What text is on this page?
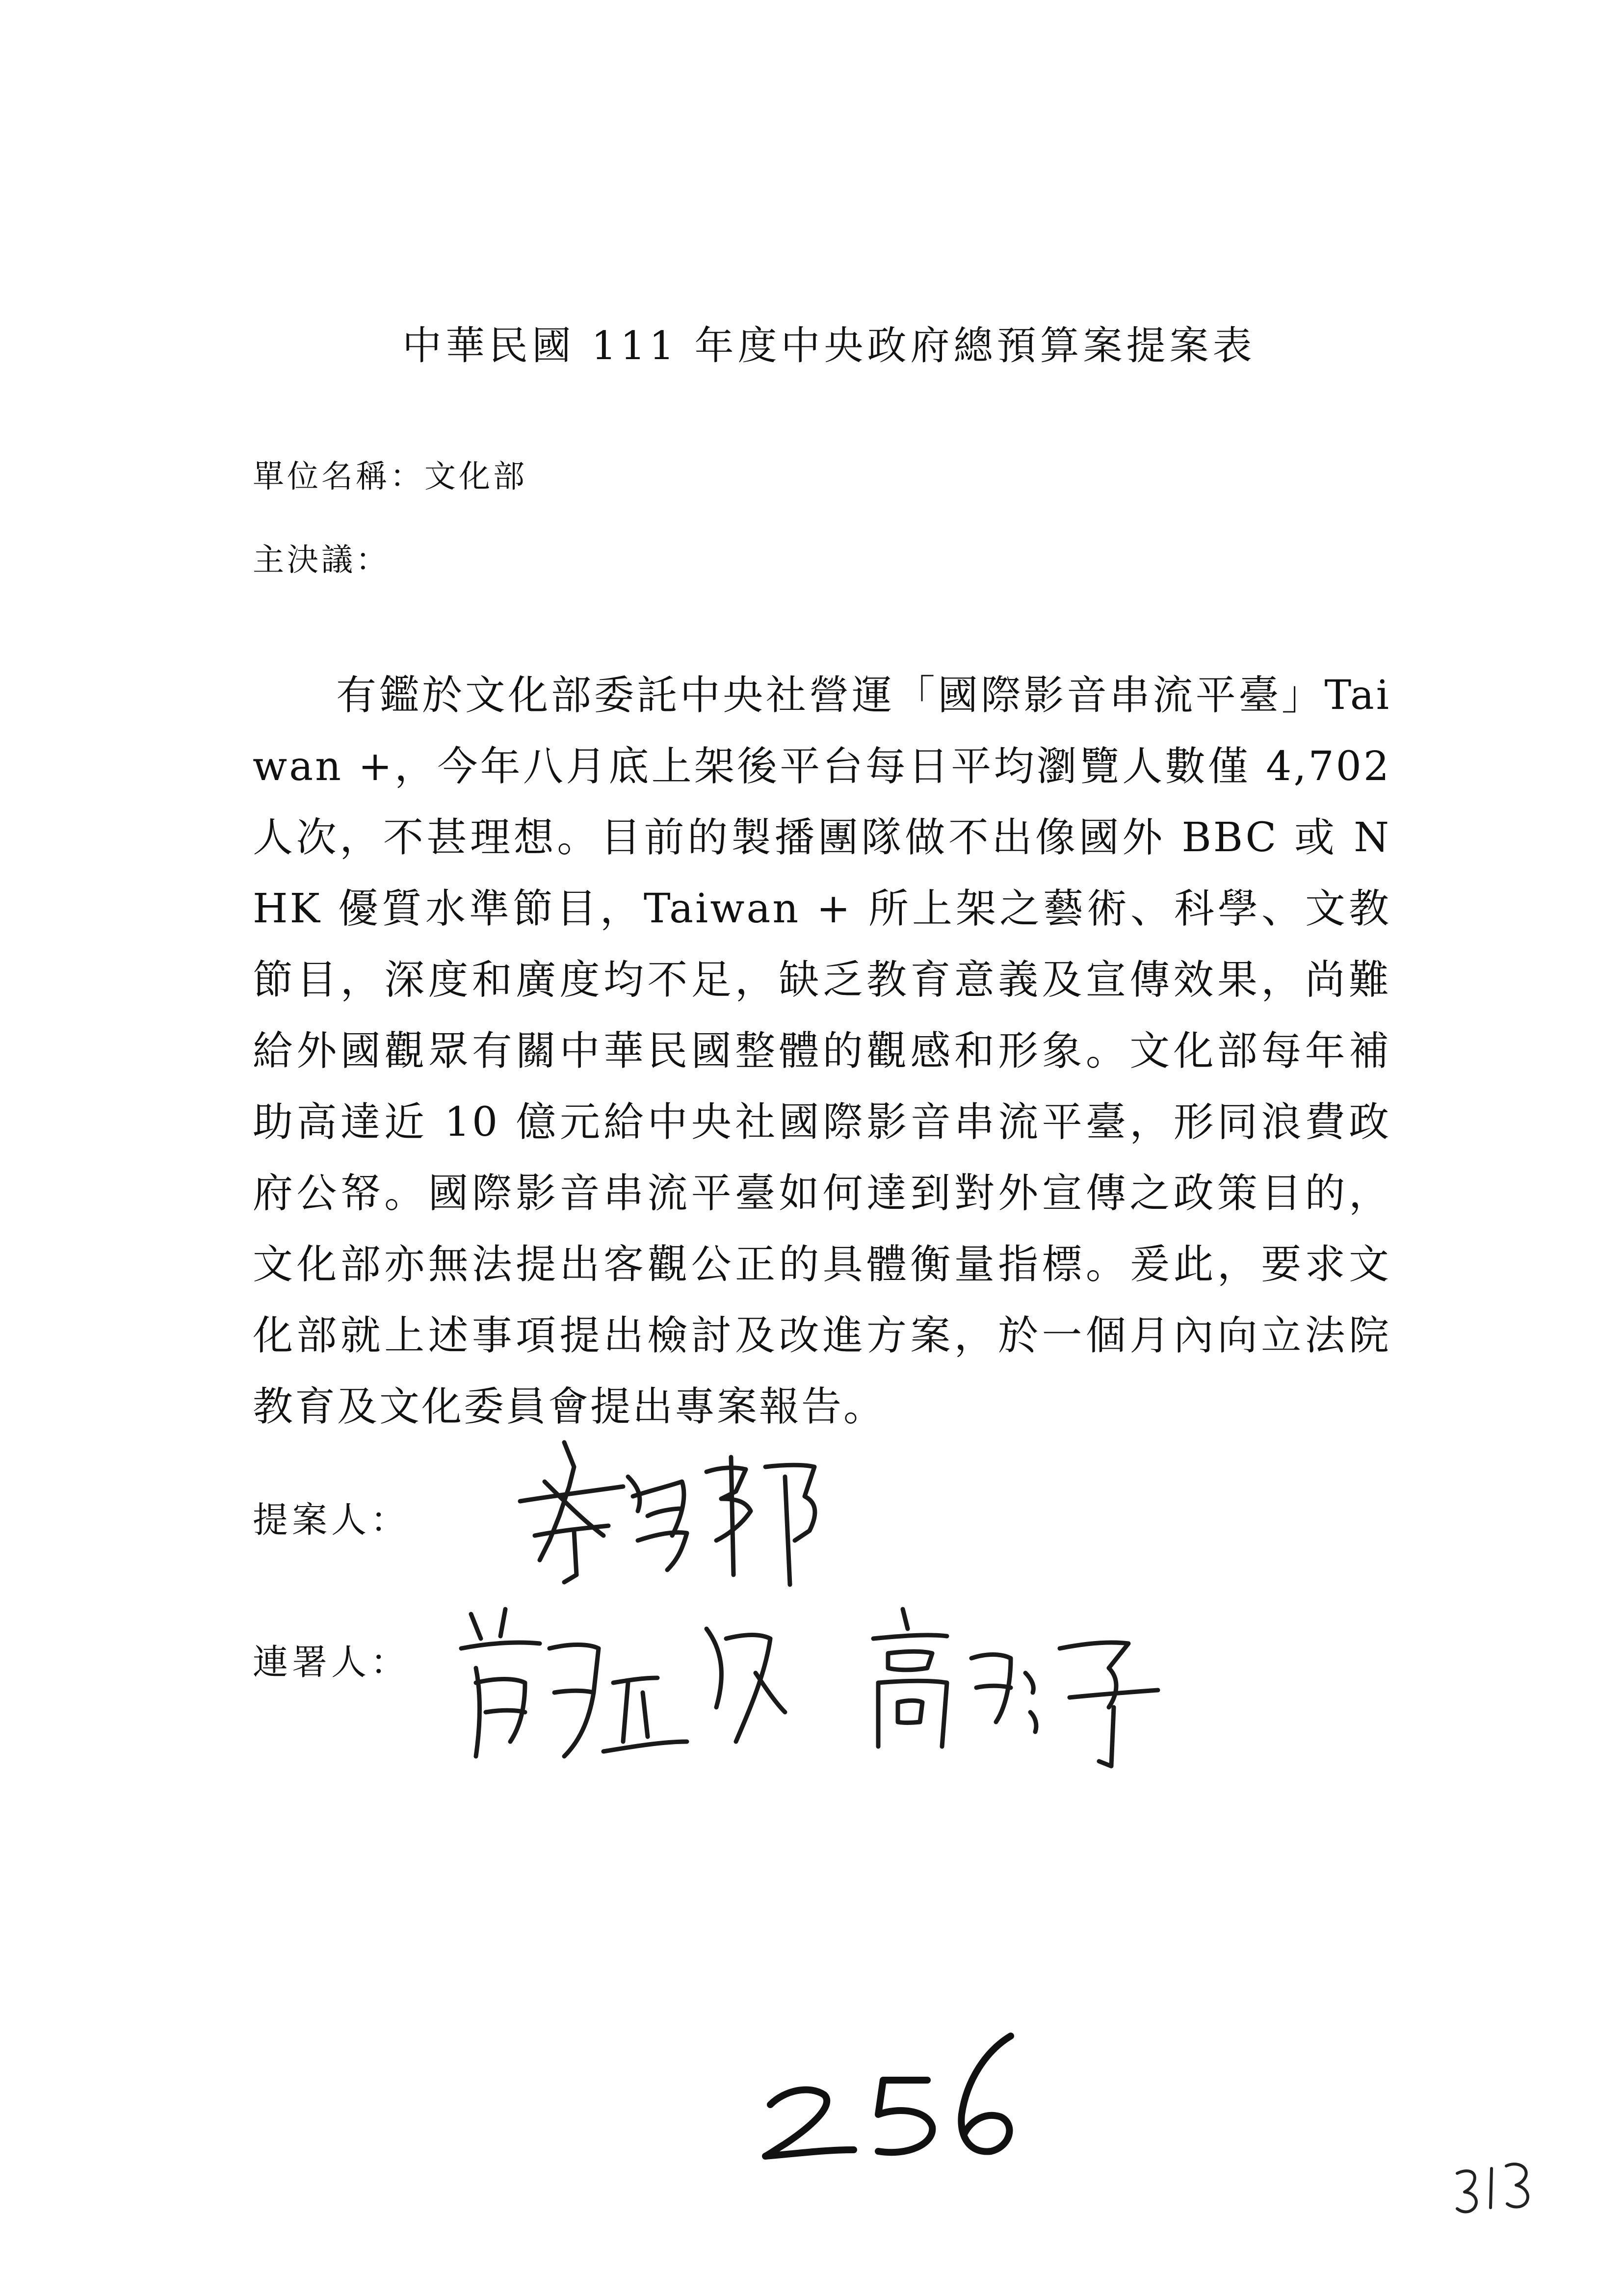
中華民國 111 年度中央政府總預算案提案表
單位名稱：文化部
主決議：
有鑑於文化部委託中央社營運「國際影音串流平臺」Taiwan +，今年八月底上架後平台每日平均瀏覽人數僅 4,702 人次，不甚理想。目前的製播團隊做不出像國外 BBC 或 NHK 優質水準節目，Taiwan + 所上架之藝術、科學、文教節目，深度和廣度均不足，缺乏教育意義及宣傳效果，尚難給外國觀眾有關中華民國整體的觀感和形象。文化部每年補助高達近 10 億元給中央社國際影音串流平臺，形同浪費政府公帑。國際影音串流平臺如何達到對外宣傳之政策目的，文化部亦無法提出客觀公正的具體衡量指標。爰此，要求文化部就上述事項提出檢討及改進方案，於一個月內向立法院教育及文化委員會提出專案報告。
提案人：
連署人：
